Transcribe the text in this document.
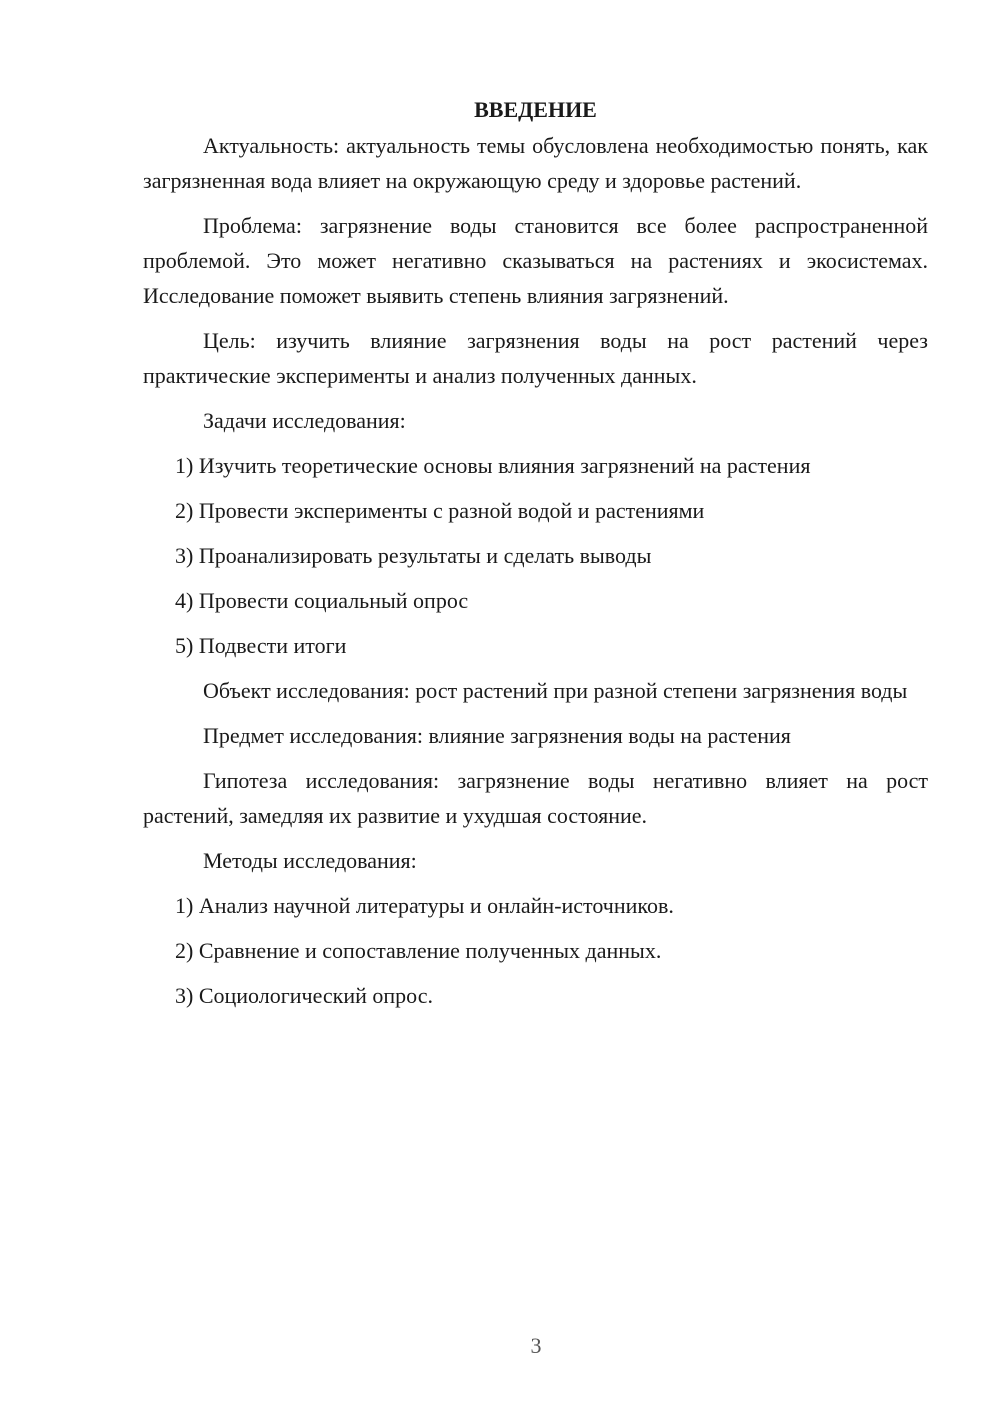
ВВЕДЕНИЕ
Актуальность: актуальность темы обусловлена необходимостью понять, как загрязненная вода влияет на окружающую среду и здоровье растений.
Проблема: загрязнение воды становится все более распространенной проблемой. Это может негативно сказываться на растениях и экосистемах. Исследование поможет выявить степень влияния загрязнений.
Цель: изучить влияние загрязнения воды на рост растений через практические эксперименты и анализ полученных данных.
Задачи исследования:
1) Изучить теоретические основы влияния загрязнений на растения
2) Провести эксперименты с разной водой и растениями
3) Проанализировать результаты и сделать выводы
4) Провести социальный опрос
5) Подвести итоги
Объект исследования: рост растений при разной степени загрязнения воды
Предмет исследования: влияние загрязнения воды на растения
Гипотеза исследования: загрязнение воды негативно влияет на рост растений, замедляя их развитие и ухудшая состояние.
Методы исследования:
1) Анализ научной литературы и онлайн-источников.
2) Сравнение и сопоставление полученных данных.
3) Социологический опрос.
3
